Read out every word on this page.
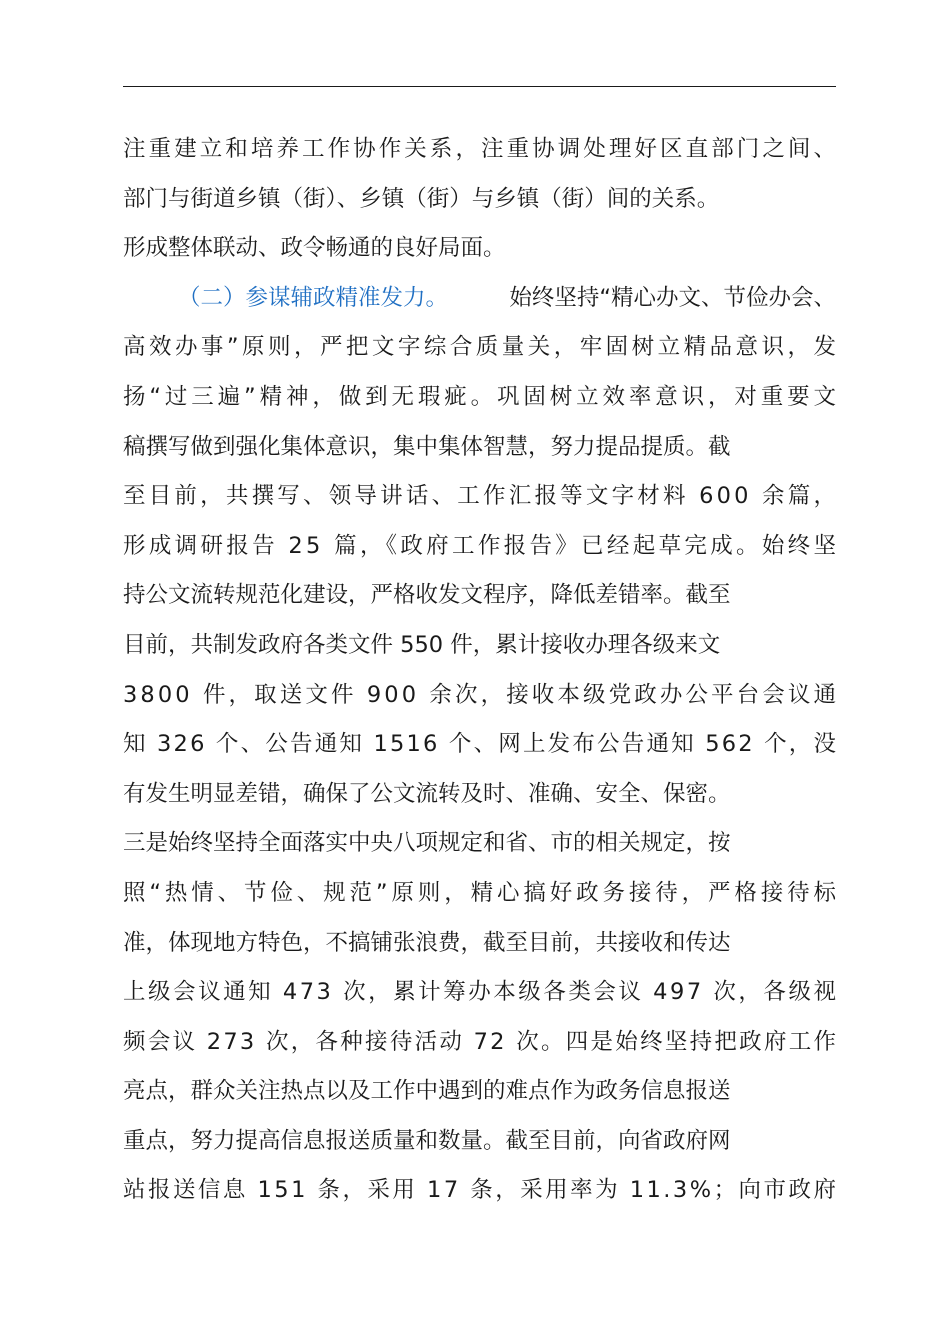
注重建立和培养工作协作关系，注重协调处理好区直部门之间、
部门与街道乡镇（街）、乡镇（街）与乡镇（街）间的关系。
形成整体联动、政令畅通的良好局面。
（二）参谋辅政精准发力。	始终坚持“精心办文、节俭办会、
高效办事”原则，严把文字综合质量关，牢固树立精品意识，发
扬“过三遍”精神，做到无瑕疵。巩固树立效率意识，对重要文
稿撰写做到强化集体意识，集中集体智慧，努力提品提质。截
至目前，共撰写、领导讲话、工作汇报等文字材料 600 余篇，
形成调研报告 25 篇，《政府工作报告》已经起草完成。始终坚
持公文流转规范化建设，严格收发文程序，降低差错率。截至
目前，共制发政府各类文件 550 件，累计接收办理各级来文
3800 件，取送文件 900 余次，接收本级党政办公平台会议通
知 326 个、公告通知 1516 个、网上发布公告通知 562 个，没
有发生明显差错，确保了公文流转及时、准确、安全、保密。
三是始终坚持全面落实中央八项规定和省、市的相关规定，按
照“热情、节俭、规范”原则，精心搞好政务接待，严格接待标
准，体现地方特色，不搞铺张浪费，截至目前，共接收和传达
上级会议通知 473 次，累计筹办本级各类会议 497 次，各级视
频会议 273 次，各种接待活动 72 次。四是始终坚持把政府工作
亮点，群众关注热点以及工作中遇到的难点作为政务信息报送
重点，努力提高信息报送质量和数量。截至目前，向省政府网
站报送信息 151 条，采用 17 条，采用率为 11.3%；向市政府
